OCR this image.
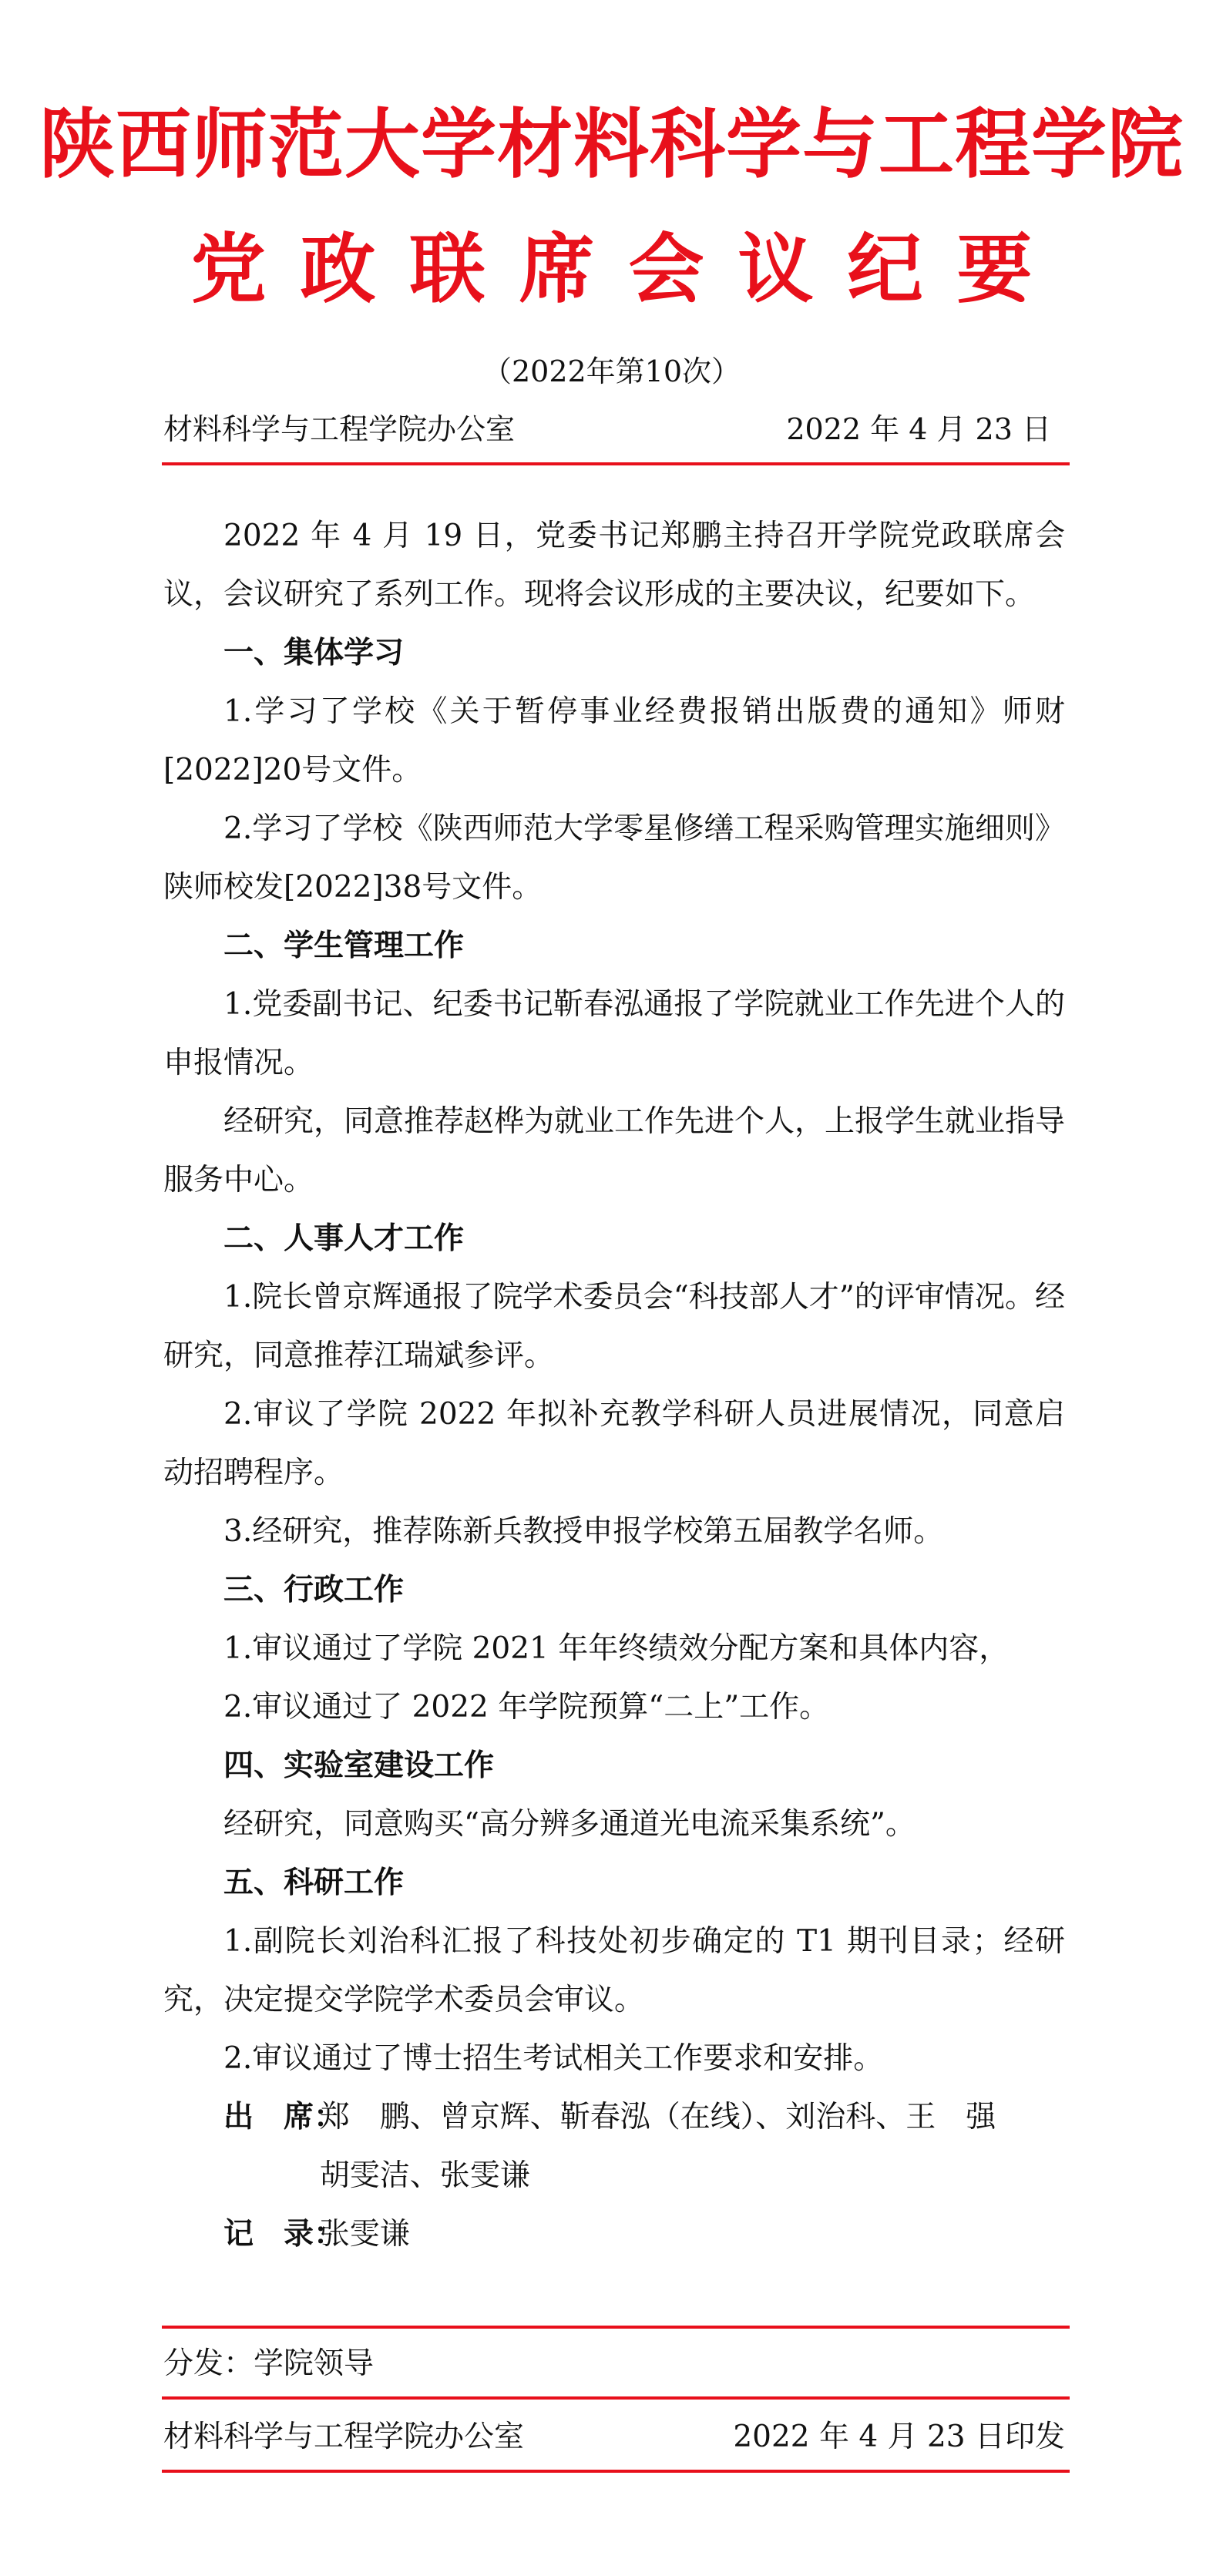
陕西师范大学材料科学与工程学院
党政联席会议纪要
（2022年第10次）
材料科学与工程学院办公室	2022 年 4 月 23 日

2022 年 4 月 19 日，党委书记郑鹏主持召开学院党政联席会议，会议研究了系列工作。现将会议形成的主要决议，纪要如下。

一、集体学习

1.学习了学校《关于暂停事业经费报销出版费的通知》师财[2022]20号文件。

2.学习了学校《陕西师范大学零星修缮工程采购管理实施细则》陕师校发[2022]38号文件。

二、学生管理工作

1.党委副书记、纪委书记靳春泓通报了学院就业工作先进个人的申报情况。

经研究，同意推荐赵桦为就业工作先进个人，上报学生就业指导服务中心。

二、人事人才工作

1.院长曾京辉通报了院学术委员会“科技部人才”的评审情况。经研究，同意推荐江瑞斌参评。

2.审议了学院 2022 年拟补充教学科研人员进展情况，同意启动招聘程序。

3.经研究，推荐陈新兵教授申报学校第五届教学名师。

三、行政工作

1.审议通过了学院 2021 年年终绩效分配方案和具体内容，

2.审议通过了 2022 年学院预算“二上”工作。

四、实验室建设工作

经研究，同意购买“高分辨多通道光电流采集系统”。

五、科研工作

1.副院长刘治科汇报了科技处初步确定的 T1 期刊目录；经研究，决定提交学院学术委员会审议。

2.审议通过了博士招生考试相关工作要求和安排。

出　席：
郑　鹏、曾京辉、靳春泓（在线）、刘治科、王　强
胡雯洁、张雯谦
记　录：
张雯谦
分发：学院领导
材料科学与工程学院办公室	2022 年 4 月 23 日印发
